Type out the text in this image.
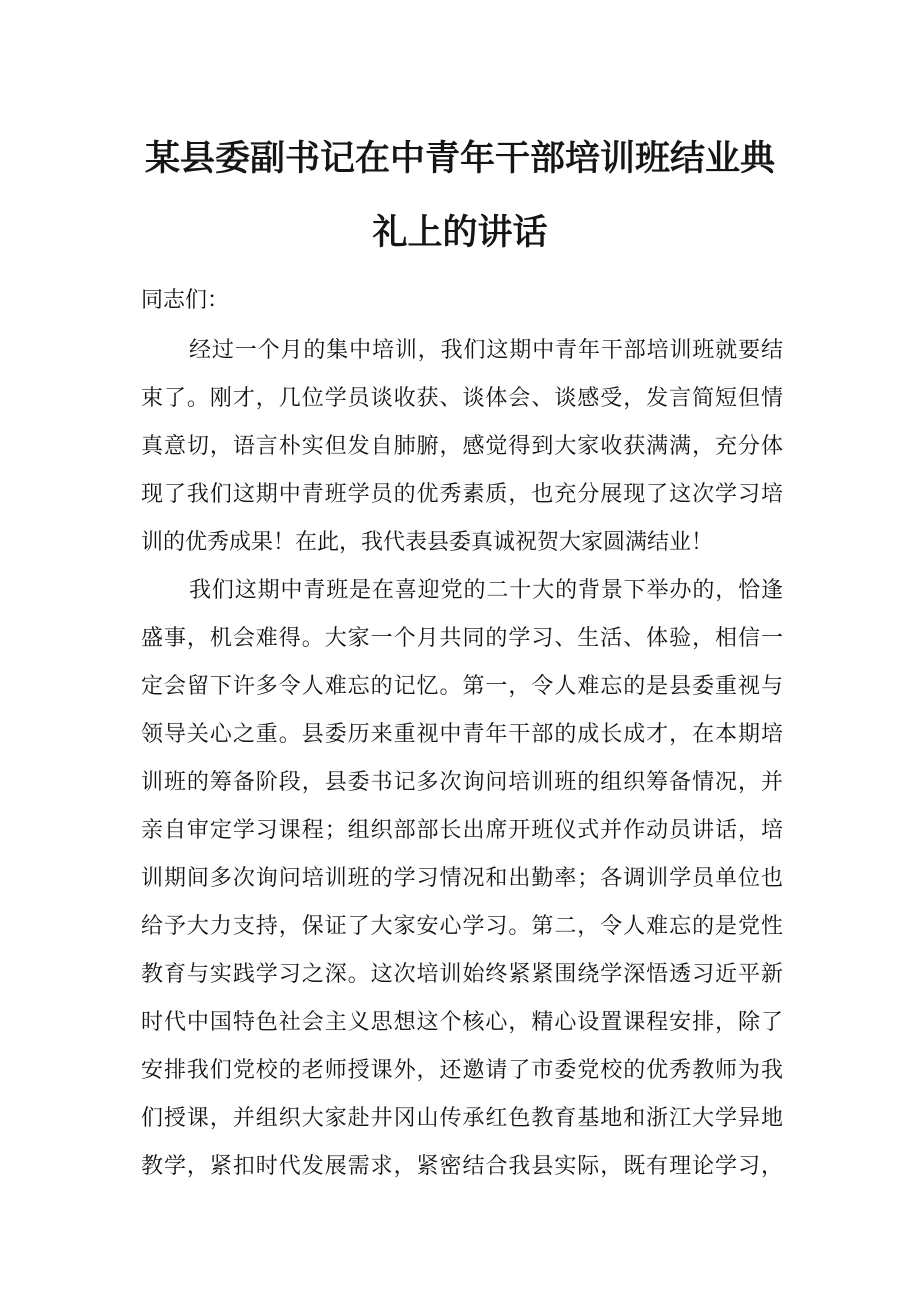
某县委副书记在中青年干部培训班结业典
礼上的讲话
同志们：
经过一个月的集中培训，我们这期中青年干部培训班就要结
束了。刚才，几位学员谈收获、谈体会、谈感受，发言简短但情
真意切，语言朴实但发自肺腑，感觉得到大家收获满满，充分体
现了我们这期中青班学员的优秀素质，也充分展现了这次学习培
训的优秀成果！在此，我代表县委真诚祝贺大家圆满结业！
我们这期中青班是在喜迎党的二十大的背景下举办的，恰逢
盛事，机会难得。大家一个月共同的学习、生活、体验，相信一
定会留下许多令人难忘的记忆。第一，令人难忘的是县委重视与
领导关心之重。县委历来重视中青年干部的成长成才，在本期培
训班的筹备阶段，县委书记多次询问培训班的组织筹备情况，并
亲自审定学习课程；组织部部长出席开班仪式并作动员讲话，培
训期间多次询问培训班的学习情况和出勤率；各调训学员单位也
给予大力支持，保证了大家安心学习。第二，令人难忘的是党性
教育与实践学习之深。这次培训始终紧紧围绕学深悟透习近平新
时代中国特色社会主义思想这个核心，精心设置课程安排，除了
安排我们党校的老师授课外，还邀请了市委党校的优秀教师为我
们授课，并组织大家赴井冈山传承红色教育基地和浙江大学异地
教学，紧扣时代发展需求，紧密结合我县实际，既有理论学习，
